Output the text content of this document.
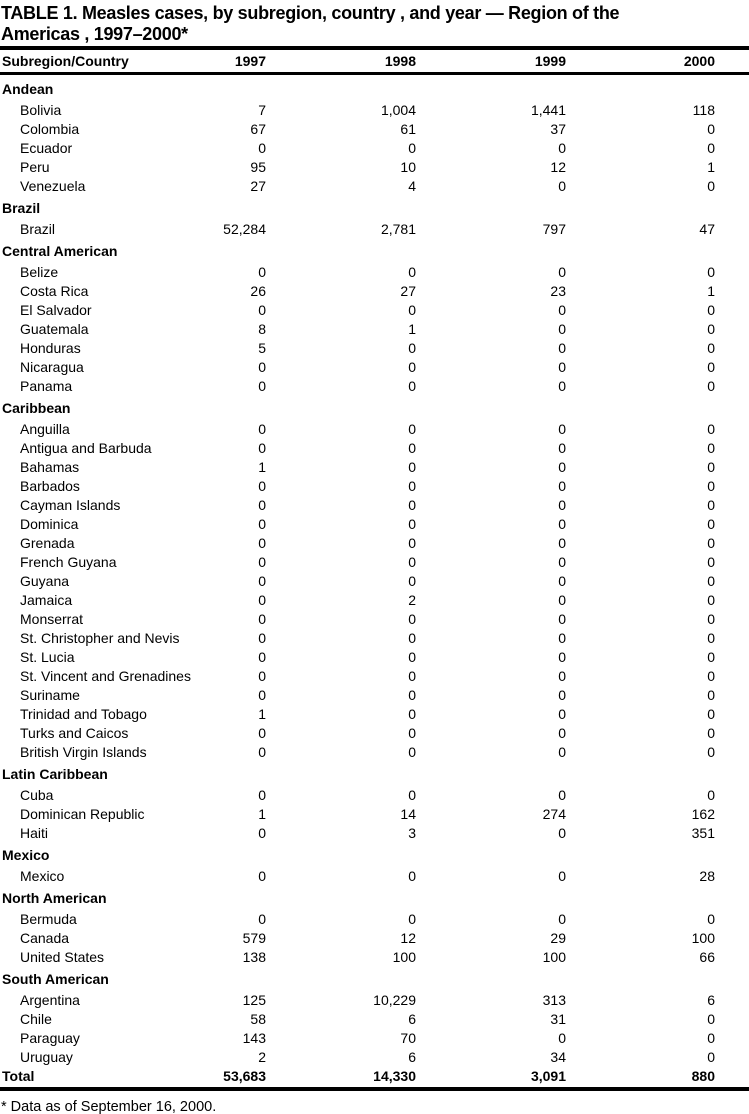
TABLE 1. Measles cases, by subregion, country , and year — Region of the
Americas , 1997–2000*
Subregion/Country	1997	1998	1999	2000
Andean
Bolivia	7	1,004	1,441	118
Colombia	67	61	37	0
Ecuador	0	0	0	0
Peru	95	10	12	1
Venezuela	27	4	0	0
Brazil
Brazil	52,284	2,781	797	47
Central American
Belize	0	0	0	0
Costa Rica	26	27	23	1
El Salvador	0	0	0	0
Guatemala	8	1	0	0
Honduras	5	0	0	0
Nicaragua	0	0	0	0
Panama	0	0	0	0
Caribbean
Anguilla	0	0	0	0
Antigua and Barbuda	0	0	0	0
Bahamas	1	0	0	0
Barbados	0	0	0	0
Cayman Islands	0	0	0	0
Dominica	0	0	0	0
Grenada	0	0	0	0
French Guyana	0	0	0	0
Guyana	0	0	0	0
Jamaica	0	2	0	0
Monserrat	0	0	0	0
St. Christopher and Nevis	0	0	0	0
St. Lucia	0	0	0	0
St. Vincent and Grenadines	0	0	0	0
Suriname	0	0	0	0
Trinidad and Tobago	1	0	0	0
Turks and Caicos	0	0	0	0
British Virgin Islands	0	0	0	0
Latin Caribbean
Cuba	0	0	0	0
Dominican Republic	1	14	274	162
Haiti	0	3	0	351
Mexico
Mexico	0	0	0	28
North American
Bermuda	0	0	0	0
Canada	579	12	29	100
United States	138	100	100	66
South American
Argentina	125	10,229	313	6
Chile	58	6	31	0
Paraguay	143	70	0	0
Uruguay	2	6	34	0
Total	53,683	14,330	3,091	880
* Data as of September 16, 2000.
